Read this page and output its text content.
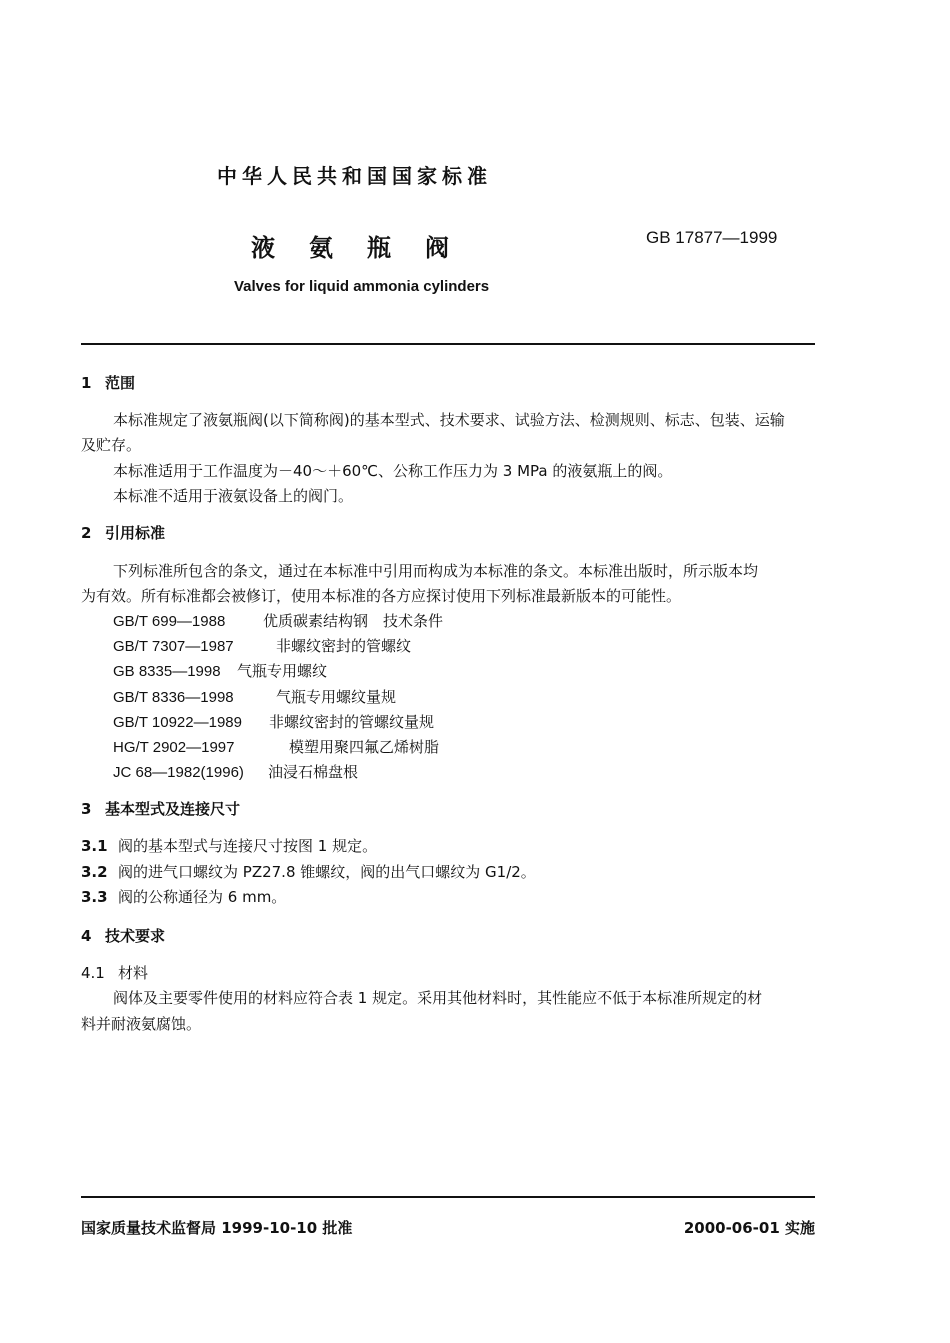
中华人民共和国国家标准
液氨瓶阀	GB 17877—1999
Valves for liquid ammonia cylinders
1 范围
本标准规定了液氨瓶阀(以下简称阀)的基本型式、技术要求、试验方法、检测规则、标志、包装、运输
及贮存。
本标准适用于工作温度为－40～＋60℃、公称工作压力为 3 MPa 的液氨瓶上的阀。
本标准不适用于液氨设备上的阀门。
2 引用标准
下列标准所包含的条文，通过在本标准中引用而构成为本标准的条文。本标准出版时，所示版本均
为有效。所有标准都会被修订，使用本标准的各方应探讨使用下列标准最新版本的可能性。
GB/T 699—1988	优质碳素结构钢　技术条件
GB/T 7307—1987	非螺纹密封的管螺纹
GB 8335—1998 气瓶专用螺纹
GB/T 8336—1998	气瓶专用螺纹量规
GB/T 10922—1989 非螺纹密封的管螺纹量规
HG/T 2902—1997	模塑用聚四氟乙烯树脂
JC 68—1982(1996) 油浸石棉盘根
3 基本型式及连接尺寸
3.1 阀的基本型式与连接尺寸按图 1 规定。
3.2 阀的进气口螺纹为 PZ27.8 锥螺纹，阀的出气口螺纹为 G1/2。
3.3 阀的公称通径为 6 mm。
4 技术要求
4.1 材料
阀体及主要零件使用的材料应符合表 1 规定。采用其他材料时，其性能应不低于本标准所规定的材
料并耐液氨腐蚀。
国家质量技术监督局 1999-10-10 批准	2000-06-01 实施
